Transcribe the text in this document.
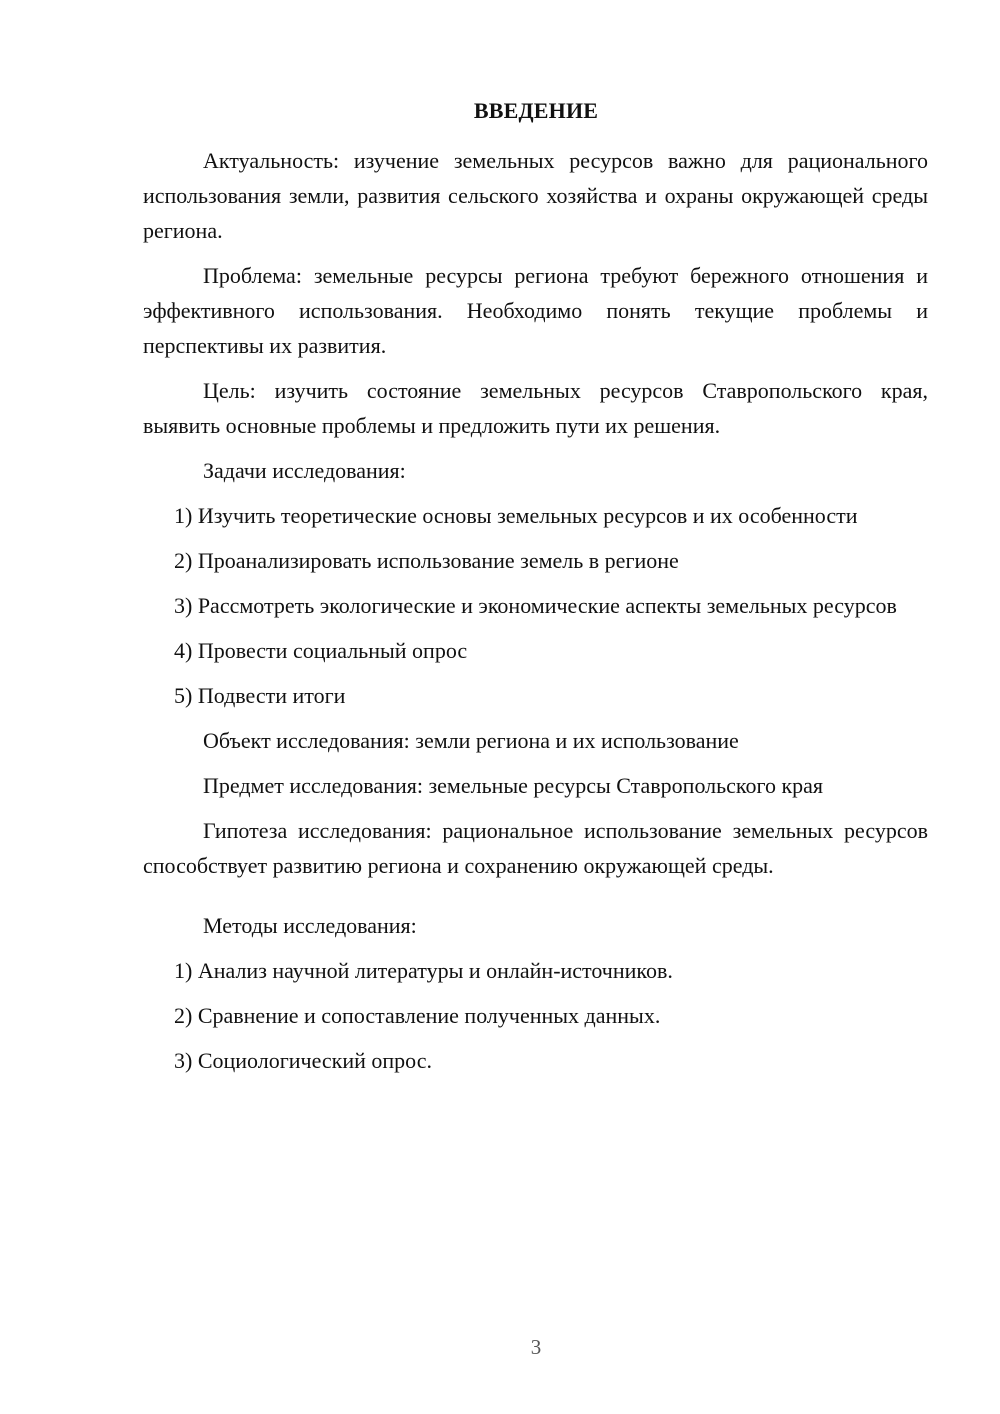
ВВЕДЕНИЕ

Актуальность: изучение земельных ресурсов важно для рационального использования земли, развития сельского хозяйства и охраны окружающей среды региона.

Проблема: земельные ресурсы региона требуют бережного отношения и эффективного использования. Необходимо понять текущие проблемы и перспективы их развития.

Цель: изучить состояние земельных ресурсов Ставропольского края, выявить основные проблемы и предложить пути их решения.

Задачи исследования:

1) Изучить теоретические основы земельных ресурсов и их особенности

2) Проанализировать использование земель в регионе

3) Рассмотреть экологические и экономические аспекты земельных ресурсов

4) Провести социальный опрос

5) Подвести итоги

Объект исследования: земли региона и их использование

Предмет исследования: земельные ресурсы Ставропольского края

Гипотеза исследования: рациональное использование земельных ресурсов способствует развитию региона и сохранению окружающей среды.

Методы исследования:

1) Анализ научной литературы и онлайн-источников.

2) Сравнение и сопоставление полученных данных.

3) Социологический опрос.

3
